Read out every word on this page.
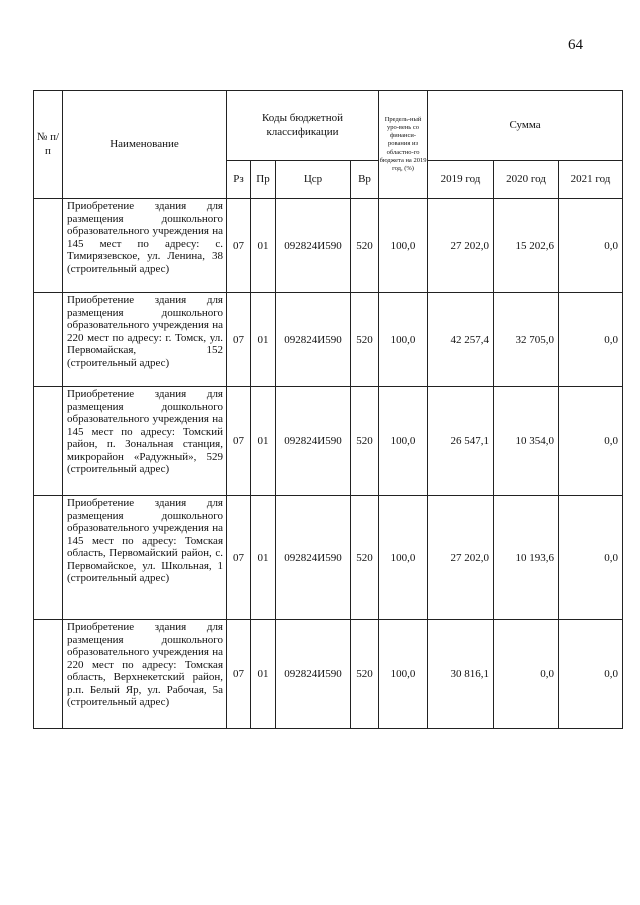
64
№ п/п	Наименование	Коды бюджетной классификации				Предель-ный уро-вень со финанси-рования из областно-го бюджета на 2019 год, (%)	Сумма		
		Рз	Пр	Цср	Вр		2019 год	2020 год	2021 год
	Приобретение здания для размещения дошкольного образовательного учреждения на 145 мест по адресу: с. Тимирязевское, ул. Ленина, 38 (строительный адрес)	07	01	092824И590	520	100,0	27 202,0	15 202,6	0,0
	Приобретение здания для размещения дошкольного образовательного учреждения на 220 мест по адресу: г. Томск, ул. Первомайская, 152 (строительный адрес)	07	01	092824И590	520	100,0	42 257,4	32 705,0	0,0
	Приобретение здания для размещения дошкольного образовательного учреждения на 145 мест по адресу: Томский район, п. Зональная станция, микрорайон «Радужный», 529 (строительный адрес)	07	01	092824И590	520	100,0	26 547,1	10 354,0	0,0
	Приобретение здания для размещения дошкольного образовательного учреждения на 145 мест по адресу: Томская область, Первомайский район, с. Первомайское, ул. Школьная, 1 (строительный адрес)	07	01	092824И590	520	100,0	27 202,0	10 193,6	0,0
	Приобретение здания для размещения дошкольного образовательного учреждения на 220 мест по адресу: Томская область, Верхнекетский район, р.п. Белый Яр, ул. Рабочая, 5а (строительный адрес)	07	01	092824И590	520	100,0	30 816,1	0,0	0,0
